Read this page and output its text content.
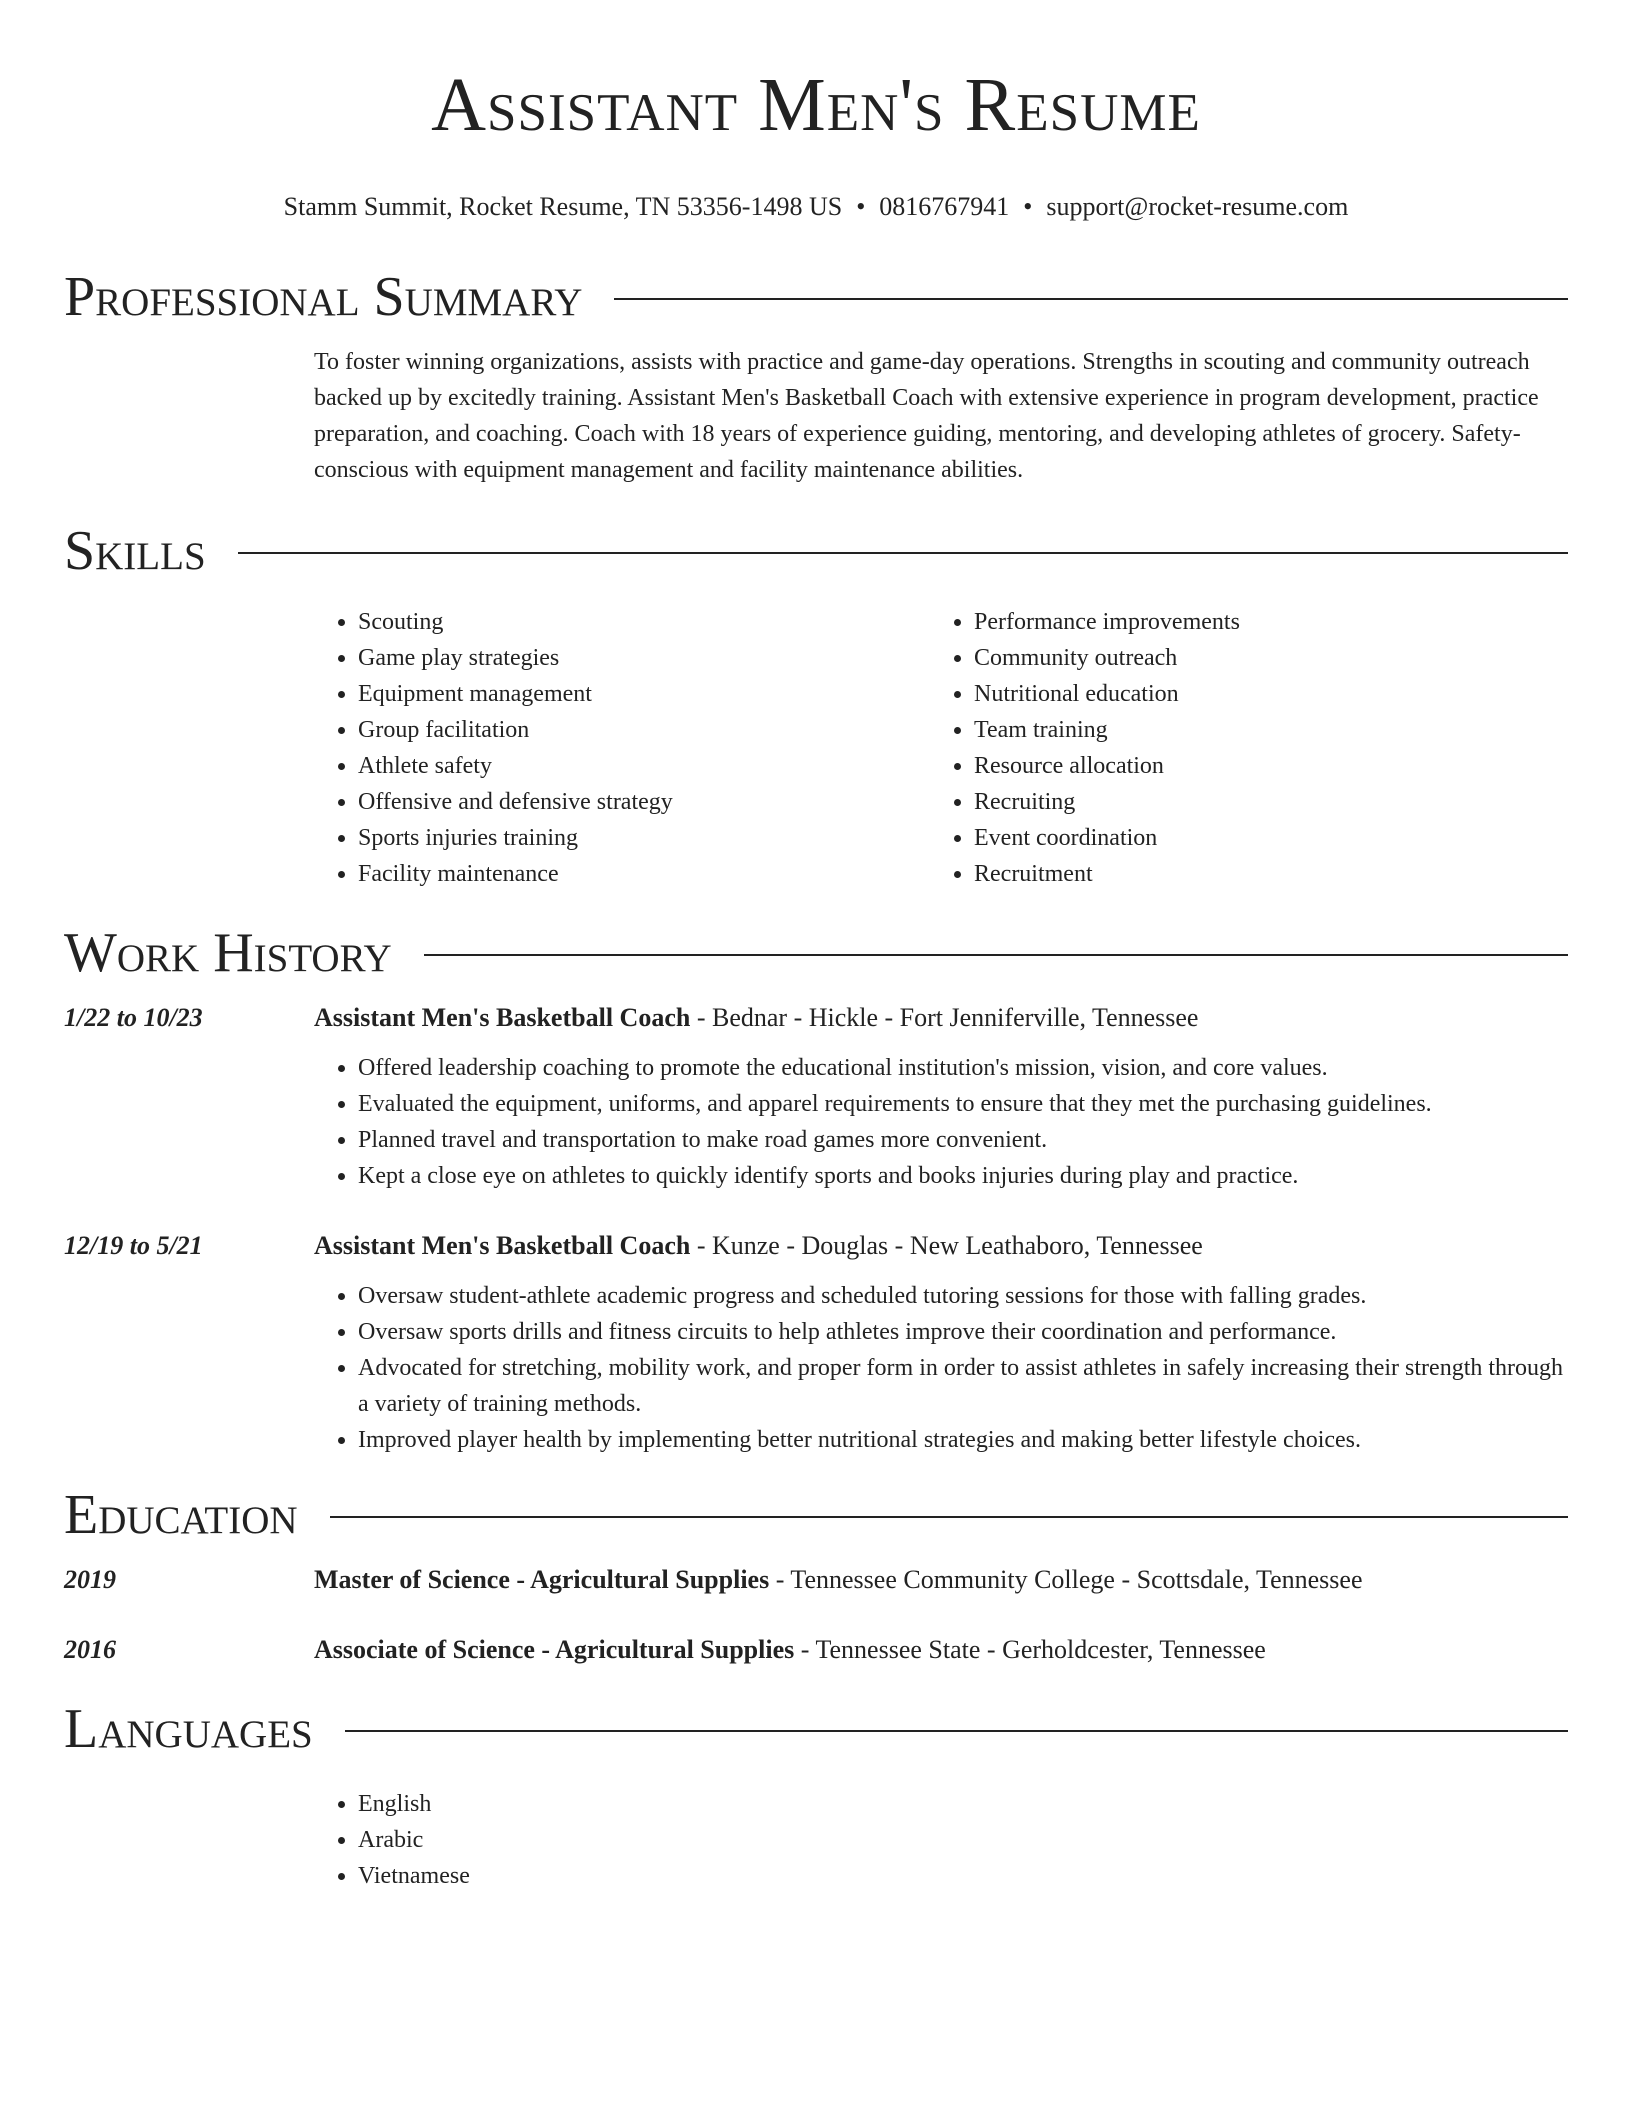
Assistant Men's Resume
Stamm Summit, Rocket Resume, TN 53356-1498 US • 0816767941 • support@rocket-resume.com
Professional Summary

To foster winning organizations, assists with practice and game-day operations. Strengths in scouting and community outreach backed up by excitedly training. Assistant Men's Basketball Coach with extensive experience in program development, practice preparation, and coaching. Coach with 18 years of experience guiding, mentoring, and developing athletes of grocery. Safety-conscious with equipment management and facility maintenance abilities.

Skills
• Scouting
• Game play strategies
• Equipment management
• Group facilitation
• Athlete safety
• Offensive and defensive strategy
• Sports injuries training
• Facility maintenance
• Performance improvements
• Community outreach
• Nutritional education
• Team training
• Resource allocation
• Recruiting
• Event coordination
• Recruitment
Work History
1/22 to 10/23	Assistant Men's Basketball Coach - Bednar - Hickle - Fort Jenniferville, Tennessee
• Offered leadership coaching to promote the educational institution's mission, vision, and core values.
• Evaluated the equipment, uniforms, and apparel requirements to ensure that they met the purchasing guidelines.
• Planned travel and transportation to make road games more convenient.
• Kept a close eye on athletes to quickly identify sports and books injuries during play and practice.
12/19 to 5/21	Assistant Men's Basketball Coach - Kunze - Douglas - New Leathaboro, Tennessee
• Oversaw student-athlete academic progress and scheduled tutoring sessions for those with falling grades.
• Oversaw sports drills and fitness circuits to help athletes improve their coordination and performance.
• Advocated for stretching, mobility work, and proper form in order to assist athletes in safely increasing their strength through a variety of training methods.
• Improved player health by implementing better nutritional strategies and making better lifestyle choices.
Education
2019	Master of Science - Agricultural Supplies - Tennessee Community College - Scottsdale, Tennessee
2016	Associate of Science - Agricultural Supplies - Tennessee State - Gerholdcester, Tennessee
Languages
• English
• Arabic
• Vietnamese
